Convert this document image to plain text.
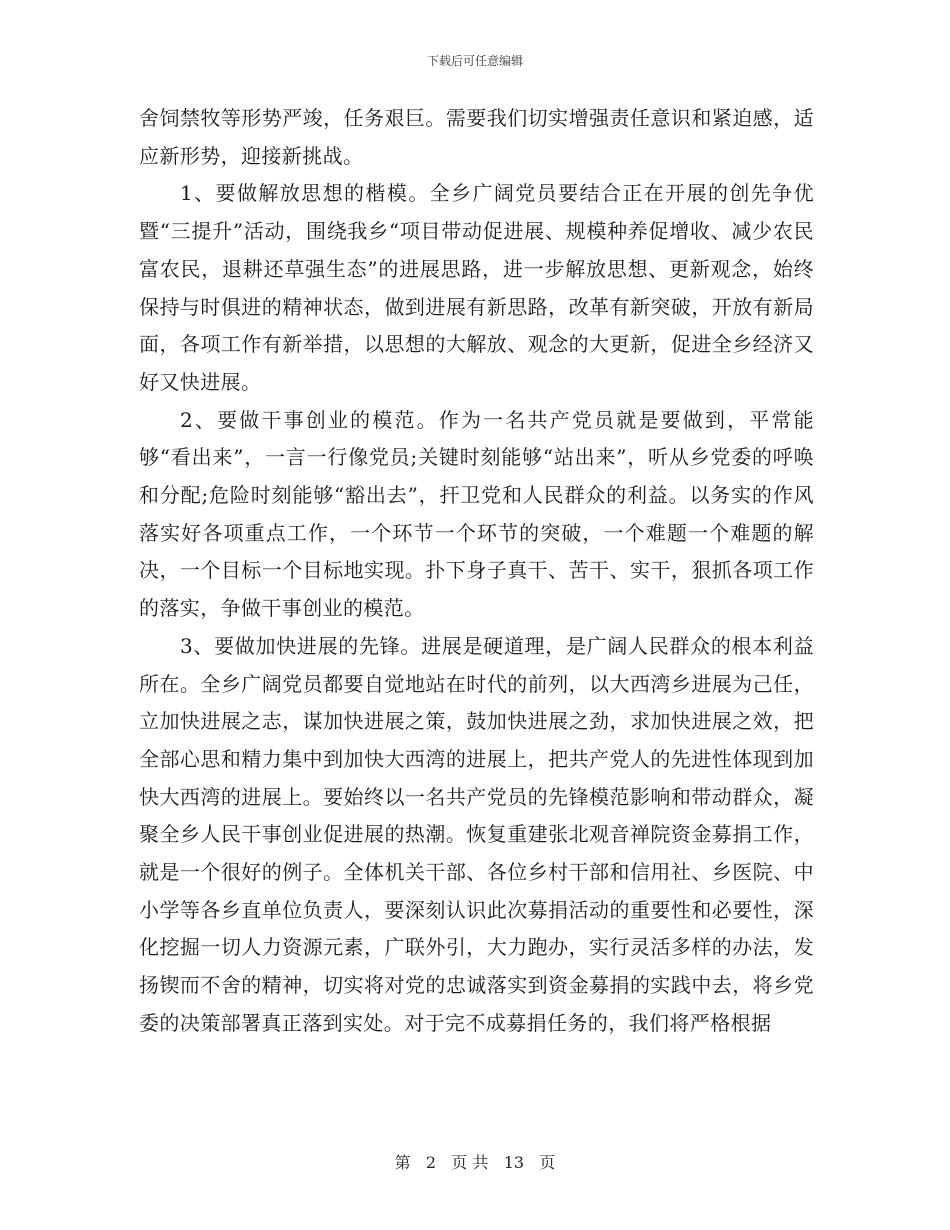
下载后可任意编辑

舍饲禁牧等形势严竣，任务艰巨。需要我们切实增强责任意识和紧迫感，适应新形势，迎接新挑战。

1、要做解放思想的楷模。全乡广阔党员要结合正在开展的创先争优暨“三提升”活动，围绕我乡“项目带动促进展、规模种养促增收、减少农民富农民，退耕还草强生态”的进展思路，进一步解放思想、更新观念，始终保持与时俱进的精神状态，做到进展有新思路，改革有新突破，开放有新局面，各项工作有新举措，以思想的大解放、观念的大更新，促进全乡经济又好又快进展。

2、要做干事创业的模范。作为一名共产党员就是要做到，平常能够“看出来”，一言一行像党员;关键时刻能够“站出来”，听从乡党委的呼唤和分配;危险时刻能够“豁出去”，扞卫党和人民群众的利益。以务实的作风落实好各项重点工作，一个环节一个环节的突破，一个难题一个难题的解决，一个目标一个目标地实现。扑下身子真干、苦干、实干，狠抓各项工作的落实，争做干事创业的模范。

3、要做加快进展的先锋。进展是硬道理，是广阔人民群众的根本利益所在。全乡广阔党员都要自觉地站在时代的前列，以大西湾乡进展为己任，立加快进展之志，谋加快进展之策，鼓加快进展之劲，求加快进展之效，把全部心思和精力集中到加快大西湾的进展上，把共产党人的先进性体现到加快大西湾的进展上。要始终以一名共产党员的先锋模范影响和带动群众，凝聚全乡人民干事创业促进展的热潮。恢复重建张北观音禅院资金募捐工作，就是一个很好的例子。全体机关干部、各位乡村干部和信用社、乡医院、中小学等各乡直单位负责人，要深刻认识此次募捐活动的重要性和必要性，深化挖掘一切人力资源元素，广联外引，大力跑办，实行灵活多样的办法，发扬锲而不舍的精神，切实将对党的忠诚落实到资金募捐的实践中去，将乡党委的决策部署真正落到实处。对于完不成募捐任务的，我们将严格根据

第 2 页 共 13 页
